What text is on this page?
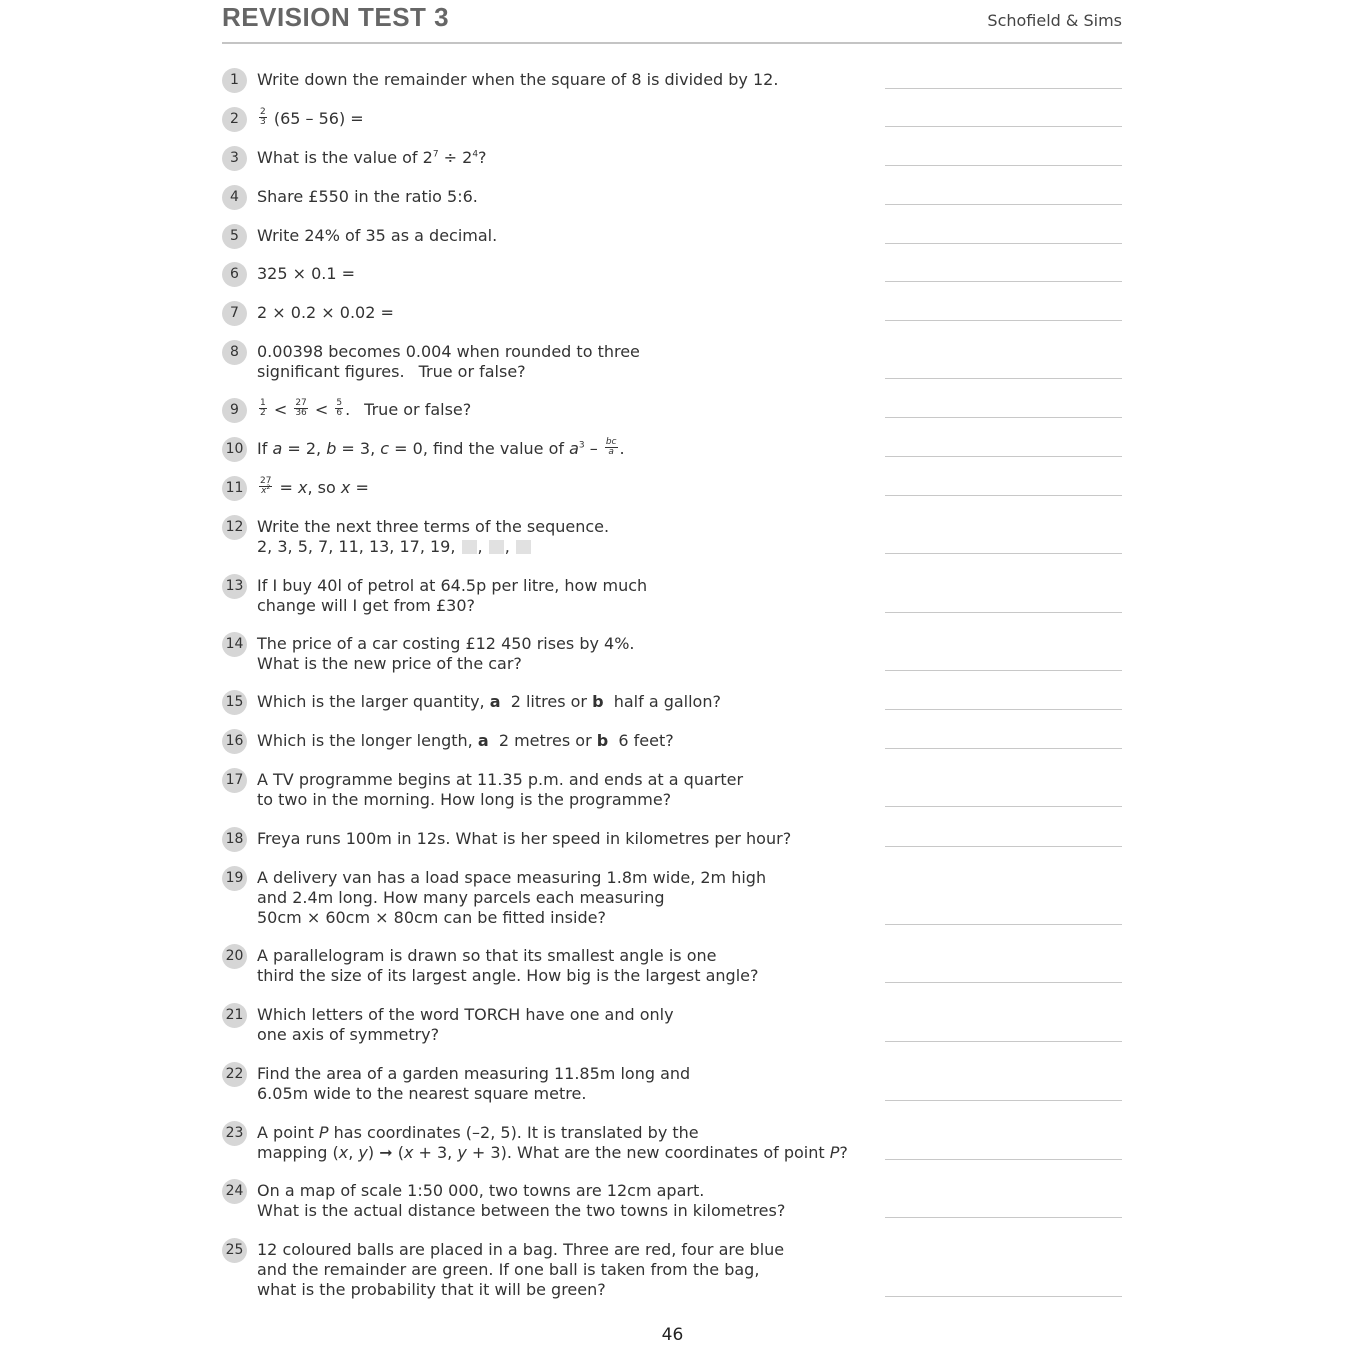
REVISION TEST 3	Schofield & Sims
1	Write down the remainder when the square of 8 is divided by 12.
2	$\frac{2}{3} (65 - 56)$ =
3	What is the value of $2^7 \div 2^4$?
4	Share £550 in the ratio 5:6.
5	Write 24% of 35 as a decimal.
6	325 × 0.1 =
7	2 × 0.2 × 0.02 =
8	0.00398 becomes 0.004 when rounded to three
significant figures. True or false?
9	$\frac{1}{2} < \frac{27}{36} < \frac{5}{6}$ . True or false?
10 If a = 2, b = 3, c = 0, find the value of $a^3 - \frac{bc}{a}$ .
11	$\frac{27}{x^2} = x$, so x =
12 Write the next three terms of the sequence.
2, 3, 5, 7, 11, 13, 17, 19, , ,
13 If I buy 40l of petrol at 64.5p per litre, how much
change will I get from £30?
14 The price of a car costing £12 450 rises by 4%.
What is the new price of the car?
15 Which is the larger quantity, a  2 litres or b  half a gallon?
16 Which is the longer length, a  2 metres or b  6 feet?
17 A TV programme begins at 11.35 p.m. and ends at a quarter
to two in the morning. How long is the programme?
18 Freya runs 100m in 12s. What is her speed in kilometres per hour?
19 A delivery van has a load space measuring 1.8m wide, 2m high
and 2.4m long. How many parcels each measuring
50cm × 60cm × 80cm can be fitted inside?
20 A parallelogram is drawn so that its smallest angle is one
third the size of its largest angle. How big is the largest angle?
21 Which letters of the word TORCH have one and only
one axis of symmetry?
22 Find the area of a garden measuring 11.85m long and
6.05m wide to the nearest square metre.
23 A point P has coordinates (–2, 5). It is translated by the
mapping (x, y) ➞ (x + 3, y + 3). What are the new coordinates of point P?
24 On a map of scale 1:50 000, two towns are 12cm apart.
What is the actual distance between the two towns in kilometres?
25 12 coloured balls are placed in a bag. Three are red, four are blue
and the remainder are green. If one ball is taken from the bag,
what is the probability that it will be green?
46
